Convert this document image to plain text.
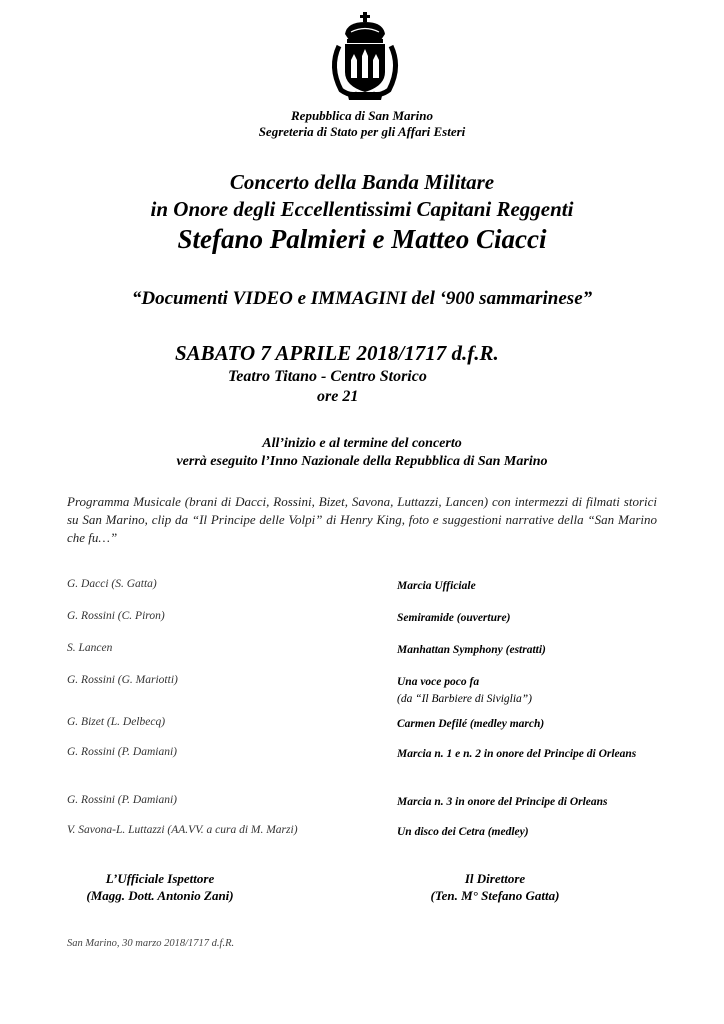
Repubblica di San Marino
Segreteria di Stato per gli Affari Esteri
Concerto della Banda Militare
in Onore degli Eccellentissimi Capitani Reggenti
Stefano Palmieri e Matteo Ciacci
“Documenti VIDEO e IMMAGINI del ‘900 sammarinese”
SABATO 7 APRILE 2018/1717 d.f.R.
Teatro Titano - Centro Storico
ore 21
All’inizio e al termine del concerto
verrà eseguito l’Inno Nazionale della Repubblica di San Marino
Programma Musicale (brani di Dacci, Rossini, Bizet, Savona, Luttazzi, Lancen) con intermezzi di filmati storici su San Marino, clip da “Il Principe delle Volpi” di Henry King, foto e suggestioni narrative della “San Marino che fu…”
G. Dacci (S. Gatta)	Marcia Ufficiale
G. Rossini (C. Piron)	Semiramide (ouverture)
S. Lancen	Manhattan Symphony (estratti)
G. Rossini (G. Mariotti)	Una voce poco fa
(da “Il Barbiere di Siviglia”)
G. Bizet (L. Delbecq)	Carmen Defilé (medley march)
G. Rossini (P. Damiani)	Marcia n. 1 e n. 2 in onore del Principe di Orleans
G. Rossini (P. Damiani)	Marcia n. 3 in onore del Principe di Orleans
V. Savona-L. Luttazzi (AA.VV. a cura di M. Marzi)	Un disco dei Cetra (medley)
L’Ufficiale Ispettore
(Magg. Dott. Antonio Zani)
Il Direttore
(Ten. M° Stefano Gatta)
San Marino, 30 marzo 2018/1717 d.f.R.
